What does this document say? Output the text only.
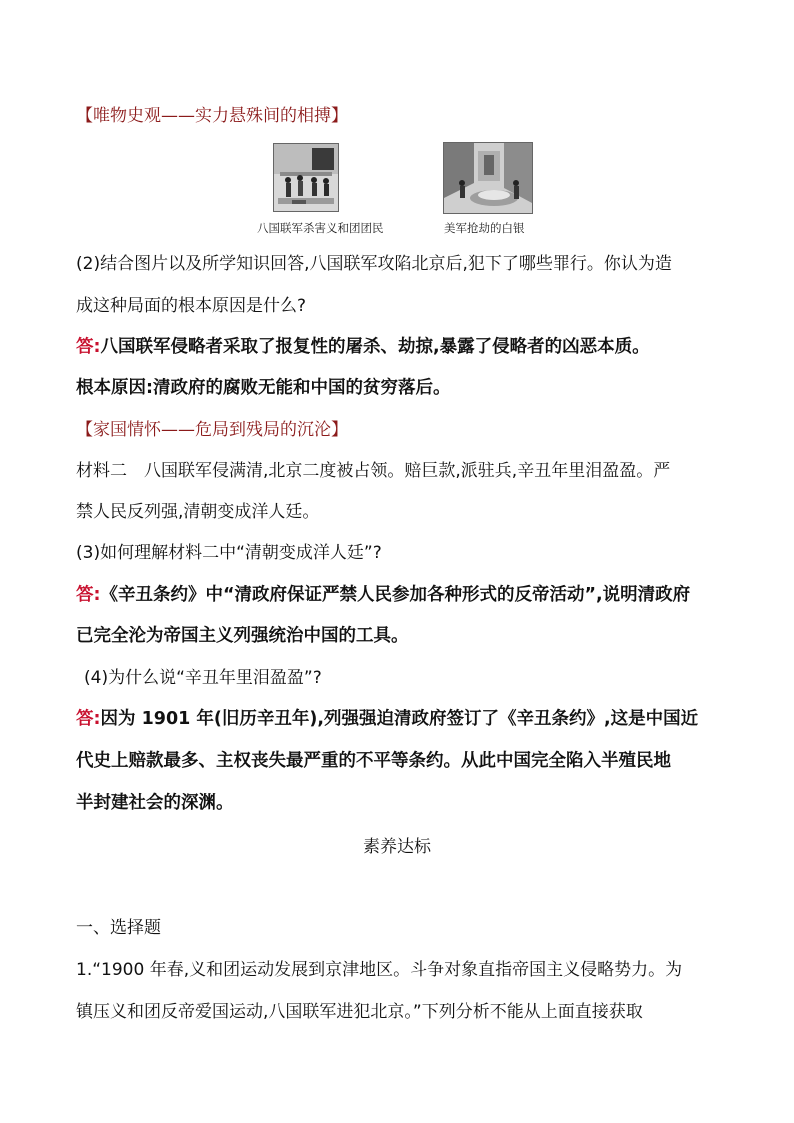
【唯物史观——实力悬殊间的相搏】
八国联军杀害义和团团民	美军抢劫的白银
(2)结合图片以及所学知识回答,八国联军攻陷北京后,犯下了哪些罪行。你认为造
成这种局面的根本原因是什么?
答:八国联军侵略者采取了报复性的屠杀、劫掠,暴露了侵略者的凶恶本质。
根本原因:清政府的腐败无能和中国的贫穷落后。
【家国情怀——危局到残局的沉沦】
材料二　八国联军侵满清,北京二度被占领。赔巨款,派驻兵,辛丑年里泪盈盈。严
禁人民反列强,清朝变成洋人廷。
(3)如何理解材料二中“清朝变成洋人廷”?
答:《辛丑条约》中“清政府保证严禁人民参加各种形式的反帝活动”,说明清政府
已完全沦为帝国主义列强统治中国的工具。
(4)为什么说“辛丑年里泪盈盈”?
答:因为 1901 年(旧历辛丑年),列强强迫清政府签订了《辛丑条约》,这是中国近
代史上赔款最多、主权丧失最严重的不平等条约。从此中国完全陷入半殖民地
半封建社会的深渊。
素养达标
一、选择题
1.“1900 年春,义和团运动发展到京津地区。斗争对象直指帝国主义侵略势力。为
镇压义和团反帝爱国运动,八国联军进犯北京。”下列分析不能从上面直接获取
